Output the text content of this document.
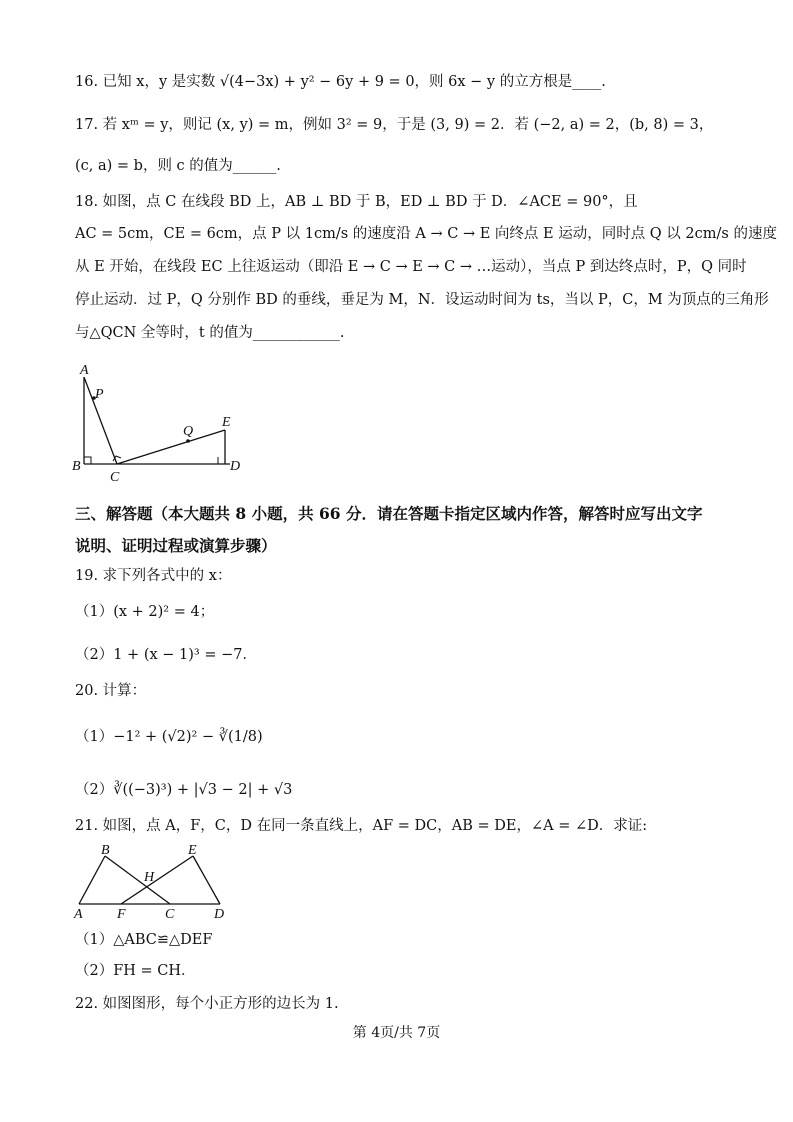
16. 已知 x，y 是实数 √(4−3x) + y² − 6y + 9 = 0，则 6x − y 的立方根是____.
17. 若 xᵐ = y，则记 (x, y) = m，例如 3² = 9，于是 (3, 9) = 2．若 (−2, a) = 2，(b, 8) = 3，
(c, a) = b，则 c 的值为______.
18. 如图，点 C 在线段 BD 上，AB ⊥ BD 于 B，ED ⊥ BD 于 D．∠ACE = 90°，且
AC = 5cm，CE = 6cm，点 P 以 1cm/s 的速度沿 A → C → E 向终点 E 运动，同时点 Q 以 2cm/s 的速度
从 E 开始，在线段 EC 上往返运动（即沿 E → C → E → C → …运动），当点 P 到达终点时，P，Q 同时
停止运动．过 P，Q 分别作 BD 的垂线，垂足为 M，N．设运动时间为 ts，当以 P，C，M 为顶点的三角形
与△QCN 全等时，t 的值为____________.
A
P
Q
E
B
C
D
三、解答题（本大题共 8 小题，共 66 分．请在答题卡指定区域内作答，解答时应写出文字
说明、证明过程或演算步骤）
19. 求下列各式中的 x：
（1）(x + 2)² = 4；
（2）1 + (x − 1)³ = −7．
20. 计算：
（1）−1² + (√2)² − ∛(1/8)
（2）∛((−3)³) + |√3 − 2| + √3
21. 如图，点 A，F，C，D 在同一条直线上，AF = DC，AB = DE，∠A = ∠D．求证:
B	E
H
A F	C	D
（1）△ABC≌△DEF
（2）FH = CH．
22. 如图图形，每个小正方形的边长为 1.
第 4页/共 7页
